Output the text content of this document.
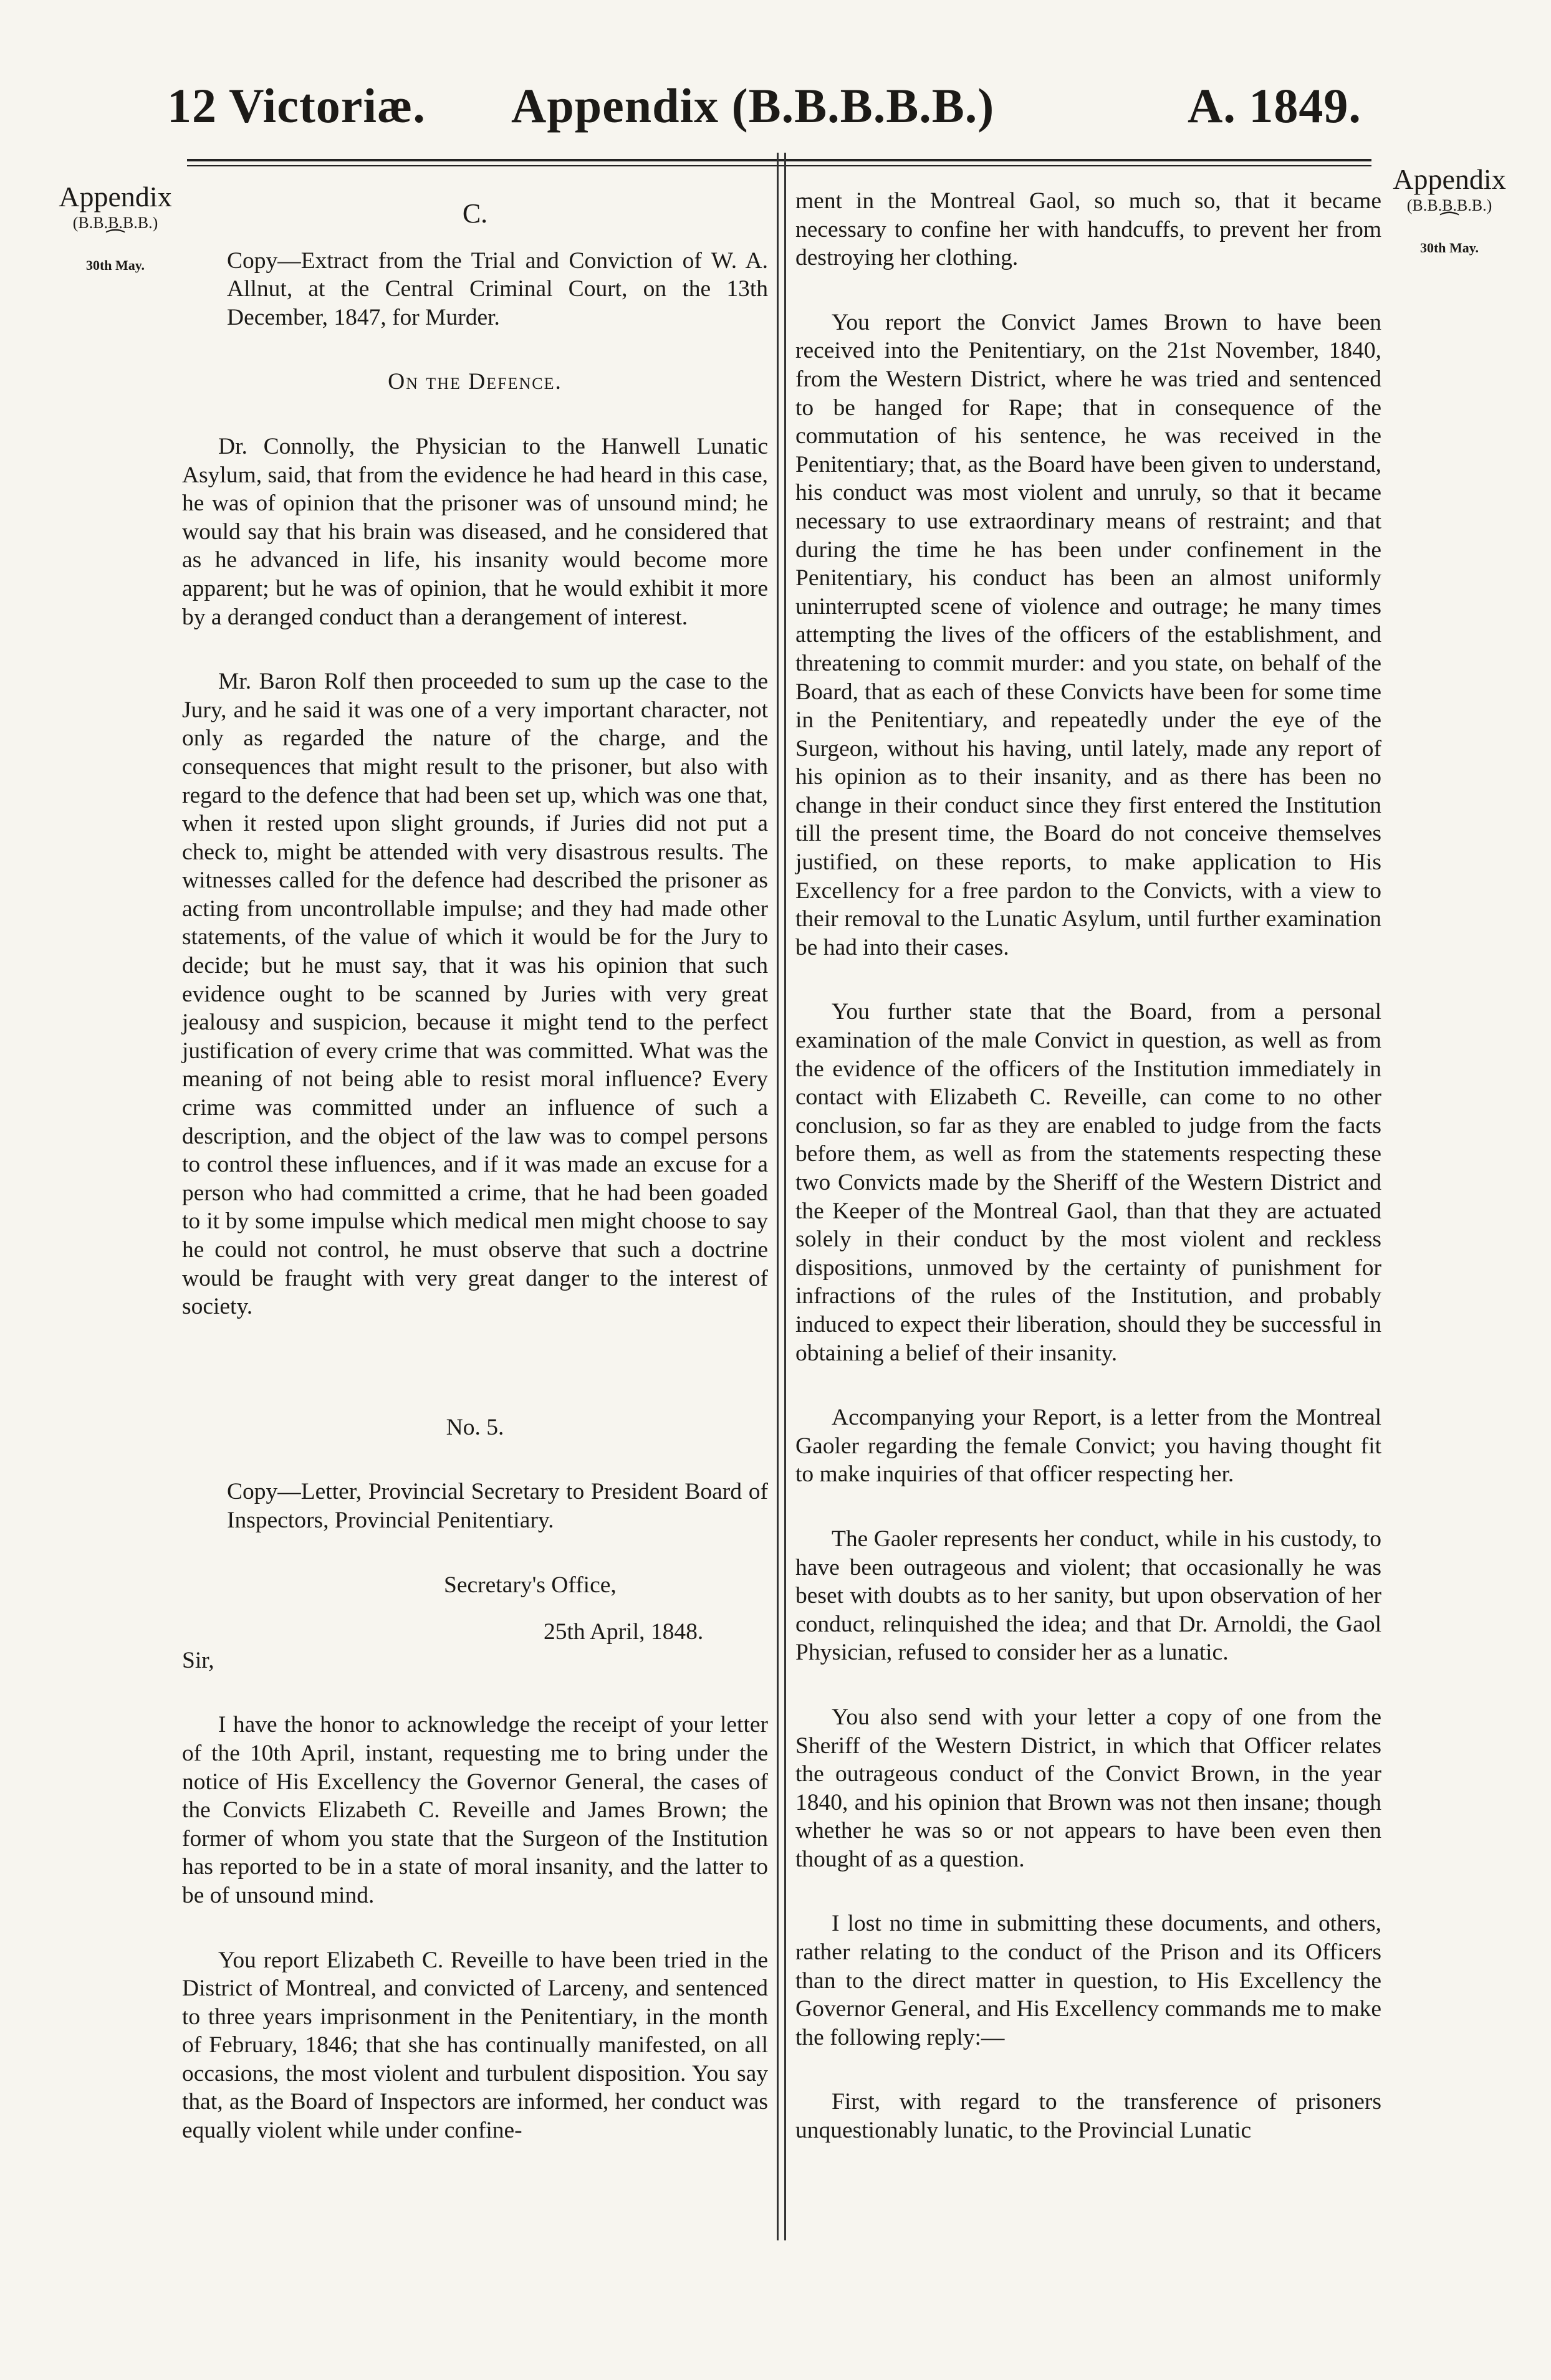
12 Victoriæ. Appendix (B.B.B.B.B.)	A. 1849.
Appendix
(B.B.B.B.B.)
⁀
30th May.
Appendix
(B.B.B.B.B.)
⁀
30th May.

C.

Copy—Extract from the Trial and Conviction of W. A. Allnut, at the Central Criminal Court, on the 13th December, 1847, for Murder.

On the Defence.

Dr. Connolly, the Physician to the Hanwell Lunatic Asylum, said, that from the evidence he had heard in this case, he was of opinion that the prisoner was of unsound mind; he would say that his brain was diseased, and he considered that as he advanced in life, his insanity would become more apparent; but he was of opinion, that he would exhibit it more by a deranged conduct than a derangement of interest.

Mr. Baron Rolf then proceeded to sum up the case to the Jury, and he said it was one of a very important character, not only as regarded the nature of the charge, and the consequences that might result to the prisoner, but also with regard to the defence that had been set up, which was one that, when it rested upon slight grounds, if Juries did not put a check to, might be attended with very disastrous results. The witnesses called for the defence had described the prisoner as acting from uncontrollable impulse; and they had made other statements, of the value of which it would be for the Jury to decide; but he must say, that it was his opinion that such evidence ought to be scanned by Juries with very great jealousy and suspicion, because it might tend to the perfect justification of every crime that was committed. What was the meaning of not being able to resist moral influence? Every crime was committed under an influence of such a description, and the object of the law was to compel persons to control these influences, and if it was made an excuse for a person who had committed a crime, that he had been goaded to it by some impulse which medical men might choose to say he could not control, he must observe that such a doctrine would be fraught with very great danger to the interest of society.

No. 5.

Copy—Letter, Provincial Secretary to President Board of Inspectors, Provincial Penitentiary.

Secretary's Office,

25th April, 1848.

Sir,

I have the honor to acknowledge the receipt of your letter of the 10th April, instant, requesting me to bring under the notice of His Excellency the Governor General, the cases of the Convicts Elizabeth C. Reveille and James Brown; the former of whom you state that the Surgeon of the Institution has reported to be in a state of moral insanity, and the latter to be of unsound mind.

You report Elizabeth C. Reveille to have been tried in the District of Montreal, and convicted of Larceny, and sentenced to three years imprisonment in the Penitentiary, in the month of February, 1846; that she has continually manifested, on all occasions, the most violent and turbulent disposition. You say that, as the Board of Inspectors are informed, her conduct was equally violent while under confine-

ment in the Montreal Gaol, so much so, that it became necessary to confine her with handcuffs, to prevent her from destroying her clothing.

You report the Convict James Brown to have been received into the Penitentiary, on the 21st November, 1840, from the Western District, where he was tried and sentenced to be hanged for Rape; that in consequence of the commutation of his sentence, he was received in the Penitentiary; that, as the Board have been given to understand, his conduct was most violent and unruly, so that it became necessary to use extraordinary means of restraint; and that during the time he has been under confinement in the Penitentiary, his conduct has been an almost uniformly uninterrupted scene of violence and outrage; he many times attempting the lives of the officers of the establishment, and threatening to commit murder: and you state, on behalf of the Board, that as each of these Convicts have been for some time in the Penitentiary, and repeatedly under the eye of the Surgeon, without his having, until lately, made any report of his opinion as to their insanity, and as there has been no change in their conduct since they first entered the Institution till the present time, the Board do not conceive themselves justified, on these reports, to make application to His Excellency for a free pardon to the Convicts, with a view to their removal to the Lunatic Asylum, until further examination be had into their cases.

You further state that the Board, from a personal examination of the male Convict in question, as well as from the evidence of the officers of the Institution immediately in contact with Elizabeth C. Reveille, can come to no other conclusion, so far as they are enabled to judge from the facts before them, as well as from the statements respecting these two Convicts made by the Sheriff of the Western District and the Keeper of the Montreal Gaol, than that they are actuated solely in their conduct by the most violent and reckless dispositions, unmoved by the certainty of punishment for infractions of the rules of the Institution, and probably induced to expect their liberation, should they be successful in obtaining a belief of their insanity.

Accompanying your Report, is a letter from the Montreal Gaoler regarding the female Convict; you having thought fit to make inquiries of that officer respecting her.

The Gaoler represents her conduct, while in his custody, to have been outrageous and violent; that occasionally he was beset with doubts as to her sanity, but upon observation of her conduct, relinquished the idea; and that Dr. Arnoldi, the Gaol Physician, refused to consider her as a lunatic.

You also send with your letter a copy of one from the Sheriff of the Western District, in which that Officer relates the outrageous conduct of the Convict Brown, in the year 1840, and his opinion that Brown was not then insane; though whether he was so or not appears to have been even then thought of as a question.

I lost no time in submitting these documents, and others, rather relating to the conduct of the Prison and its Officers than to the direct matter in question, to His Excellency the Governor General, and His Excellency commands me to make the following reply:—

First, with regard to the transference of prisoners unquestionably lunatic, to the Provincial Lunatic
